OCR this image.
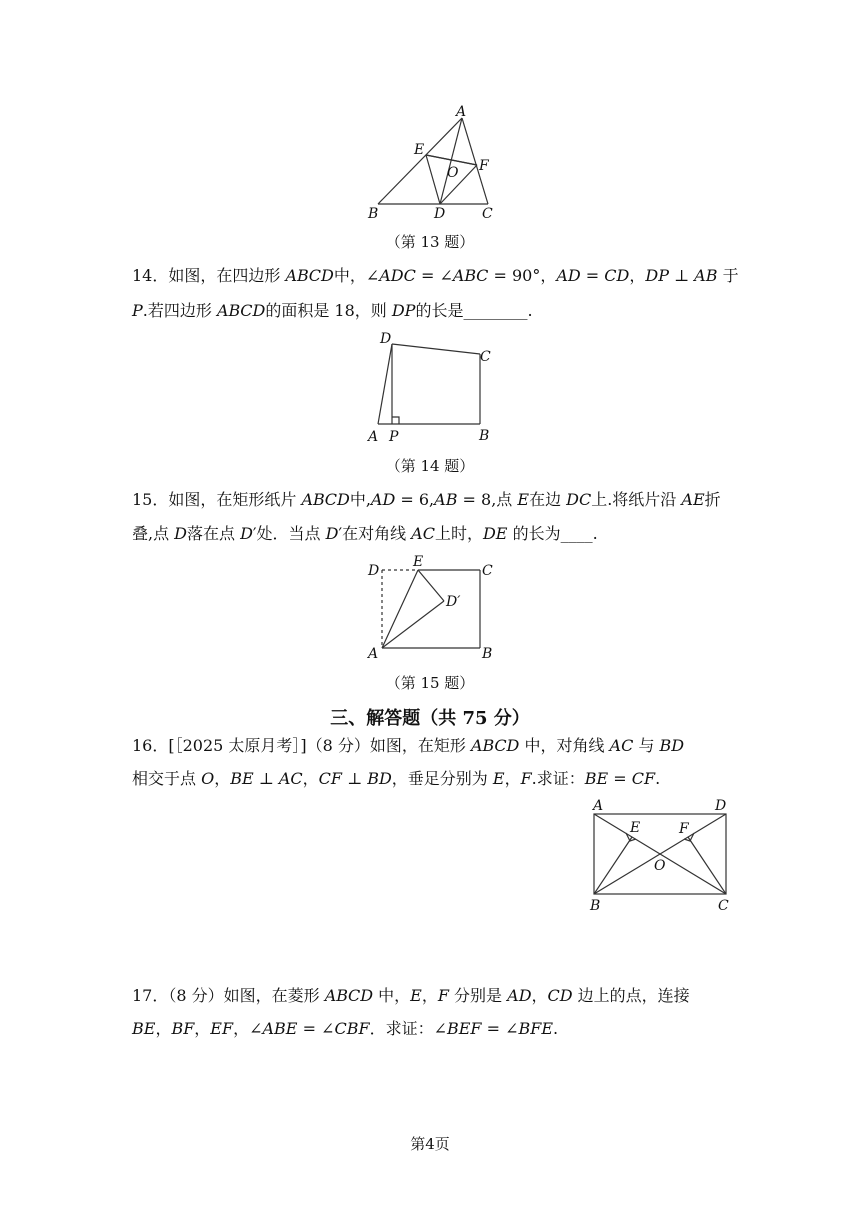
A
E
O F
B	D	C
（第 13 题）
14．如图，在四边形 𝐴𝐵𝐶𝐷中，∠𝐴𝐷𝐶 = ∠𝐴𝐵𝐶 = 90°，𝐴𝐷 = 𝐶𝐷，𝐷𝑃 ⊥ 𝐴𝐵 于
𝑃.若四边形 𝐴𝐵𝐶𝐷的面积是 18，则 𝐷𝑃的长是________.
D
C
A P	B
（第 14 题）
15．如图，在矩形纸片 𝐴𝐵𝐶𝐷中,𝐴𝐷 = 6,𝐴𝐵 = 8,点 𝐸在边 𝐷𝐶上.将纸片沿 𝐴𝐸折
叠,点 𝐷落在点 𝐷′处．当点 𝐷′在对角线 𝐴𝐶上时，𝐷𝐸 的长为____.
D
E
C
D′
A	B
（第 15 题）
三、解答题（共 75 分）
16．[［2025 太原月考］]（8 分）如图，在矩形 𝐴𝐵𝐶𝐷 中，对角线 𝐴𝐶 与 𝐵𝐷
相交于点 𝑂，𝐵𝐸 ⊥ 𝐴𝐶，𝐶𝐹 ⊥ 𝐵𝐷，垂足分别为 𝐸，𝐹.求证：𝐵𝐸 = 𝐶𝐹.
A	D
E	F
O
B	C
17．（8 分）如图，在菱形 𝐴𝐵𝐶𝐷 中，𝐸，𝐹 分别是 𝐴𝐷，𝐶𝐷 边上的点，连接
𝐵𝐸，𝐵𝐹，𝐸𝐹，∠𝐴𝐵𝐸 = ∠𝐶𝐵𝐹．求证：∠𝐵𝐸𝐹 = ∠𝐵𝐹𝐸.
第4页
